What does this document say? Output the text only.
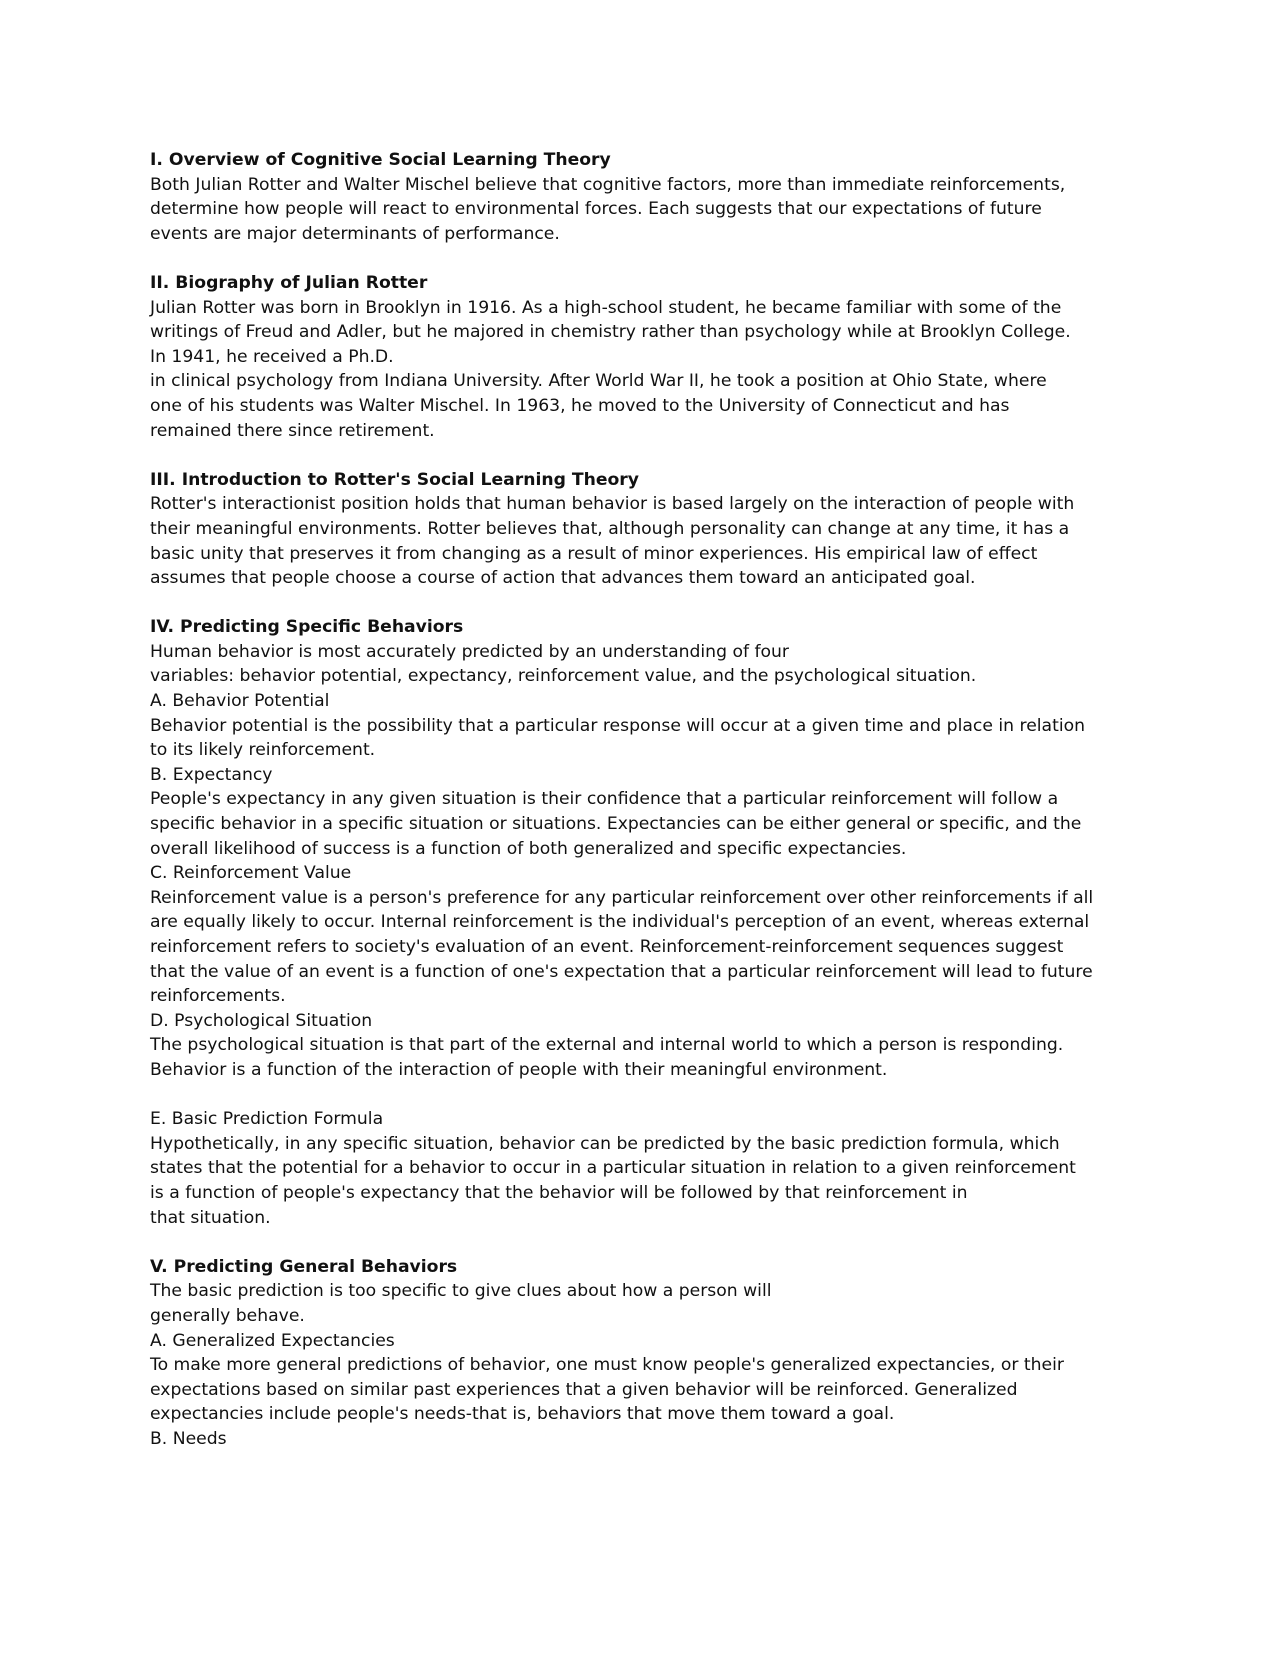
I. Overview of Cognitive Social Learning Theory
Both Julian Rotter and Walter Mischel believe that cognitive factors, more than immediate reinforcements,
determine how people will react to environmental forces. Each suggests that our expectations of future
events are major determinants of performance.
II. Biography of Julian Rotter
Julian Rotter was born in Brooklyn in 1916. As a high-school student, he became familiar with some of the
writings of Freud and Adler, but he majored in chemistry rather than psychology while at Brooklyn College.
In 1941, he received a Ph.D.
in clinical psychology from Indiana University. After World War II, he took a position at Ohio State, where
one of his students was Walter Mischel. In 1963, he moved to the University of Connecticut and has
remained there since retirement.
III. Introduction to Rotter's Social Learning Theory
Rotter's interactionist position holds that human behavior is based largely on the interaction of people with
their meaningful environments. Rotter believes that, although personality can change at any time, it has a
basic unity that preserves it from changing as a result of minor experiences. His empirical law of effect
assumes that people choose a course of action that advances them toward an anticipated goal.
IV. Predicting Specific Behaviors
Human behavior is most accurately predicted by an understanding of four
variables: behavior potential, expectancy, reinforcement value, and the psychological situation.
A. Behavior Potential
Behavior potential is the possibility that a particular response will occur at a given time and place in relation
to its likely reinforcement.
B. Expectancy
People's expectancy in any given situation is their confidence that a particular reinforcement will follow a
specific behavior in a specific situation or situations. Expectancies can be either general or specific, and the
overall likelihood of success is a function of both generalized and specific expectancies.
C. Reinforcement Value
Reinforcement value is a person's preference for any particular reinforcement over other reinforcements if all
are equally likely to occur. Internal reinforcement is the individual's perception of an event, whereas external
reinforcement refers to society's evaluation of an event. Reinforcement-reinforcement sequences suggest
that the value of an event is a function of one's expectation that a particular reinforcement will lead to future
reinforcements.
D. Psychological Situation
The psychological situation is that part of the external and internal world to which a person is responding.
Behavior is a function of the interaction of people with their meaningful environment.
E. Basic Prediction Formula
Hypothetically, in any specific situation, behavior can be predicted by the basic prediction formula, which
states that the potential for a behavior to occur in a particular situation in relation to a given reinforcement
is a function of people's expectancy that the behavior will be followed by that reinforcement in
that situation.
V. Predicting General Behaviors
The basic prediction is too specific to give clues about how a person will
generally behave.
A. Generalized Expectancies
To make more general predictions of behavior, one must know people's generalized expectancies, or their
expectations based on similar past experiences that a given behavior will be reinforced. Generalized
expectancies include people's needs-that is, behaviors that move them toward a goal.
B. Needs
